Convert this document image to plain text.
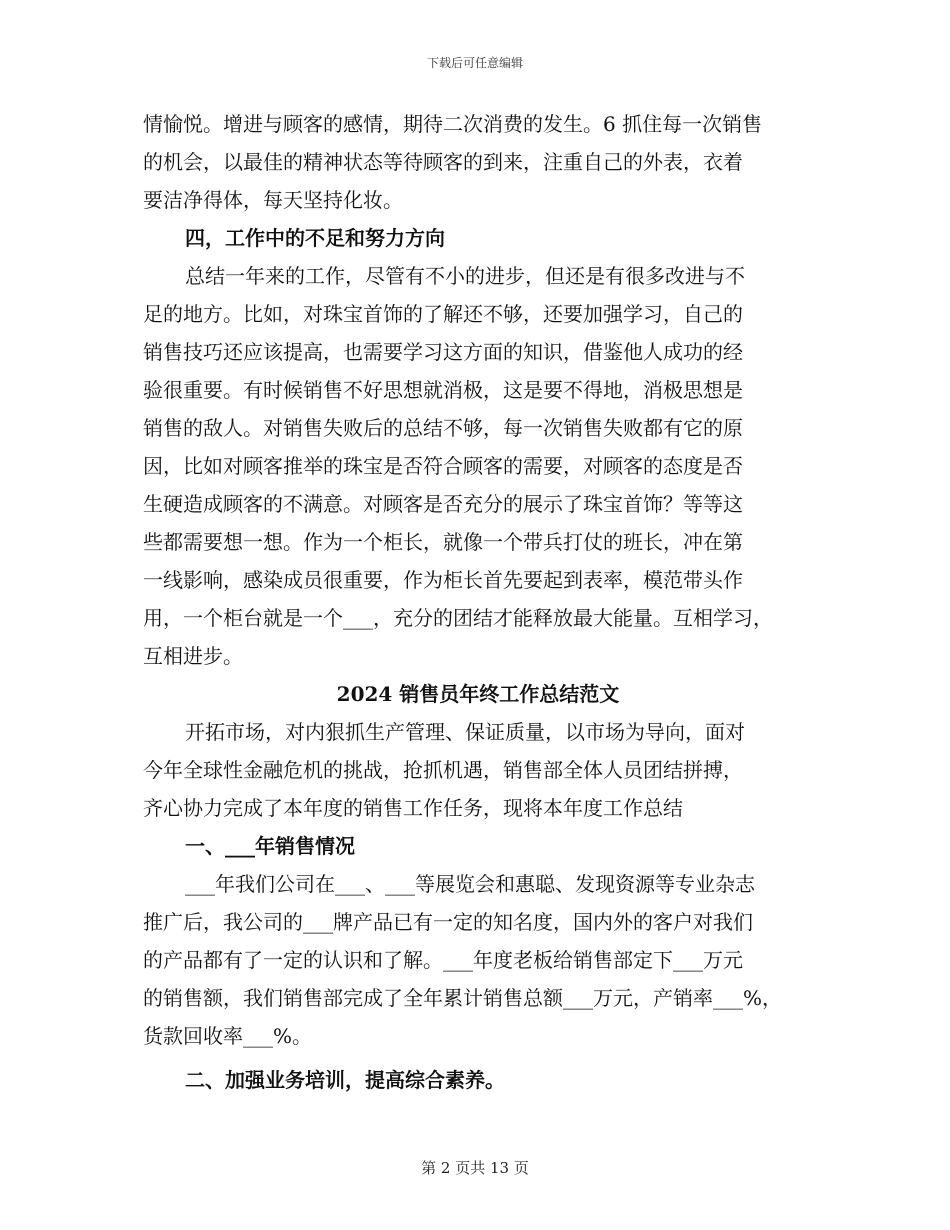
下载后可任意编辑
情愉悦。增进与顾客的感情，期待二次消费的发生。6 抓住每一次销售
的机会，以最佳的精神状态等待顾客的到来，注重自己的外表，衣着
要洁净得体，每天坚持化妆。
四，工作中的不足和努力方向
总结一年来的工作，尽管有不小的进步，但还是有很多改进与不
足的地方。比如，对珠宝首饰的了解还不够，还要加强学习，自己的
销售技巧还应该提高，也需要学习这方面的知识，借鉴他人成功的经
验很重要。有时候销售不好思想就消极，这是要不得地，消极思想是
销售的敌人。对销售失败后的总结不够，每一次销售失败都有它的原
因，比如对顾客推举的珠宝是否符合顾客的需要，对顾客的态度是否
生硬造成顾客的不满意。对顾客是否充分的展示了珠宝首饰？等等这
些都需要想一想。作为一个柜长，就像一个带兵打仗的班长，冲在第
一线影响，感染成员很重要，作为柜长首先要起到表率，模范带头作
用，一个柜台就是一个___，充分的团结才能释放最大能量。互相学习，
互相进步。
2024 销售员年终工作总结范文
开拓市场，对内狠抓生产管理、保证质量，以市场为导向，面对
今年全球性金融危机的挑战，抢抓机遇，销售部全体人员团结拼搏，
齐心协力完成了本年度的销售工作任务，现将本年度工作总结
一、___年销售情况
___年我们公司在___、___等展览会和惠聪、发现资源等专业杂志
推广后，我公司的___牌产品已有一定的知名度，国内外的客户对我们
的产品都有了一定的认识和了解。___年度老板给销售部定下___万元
的销售额，我们销售部完成了全年累计销售总额___万元，产销率___%，
货款回收率___%。
二、加强业务培训，提高综合素养。
第 2 页共 13 页
